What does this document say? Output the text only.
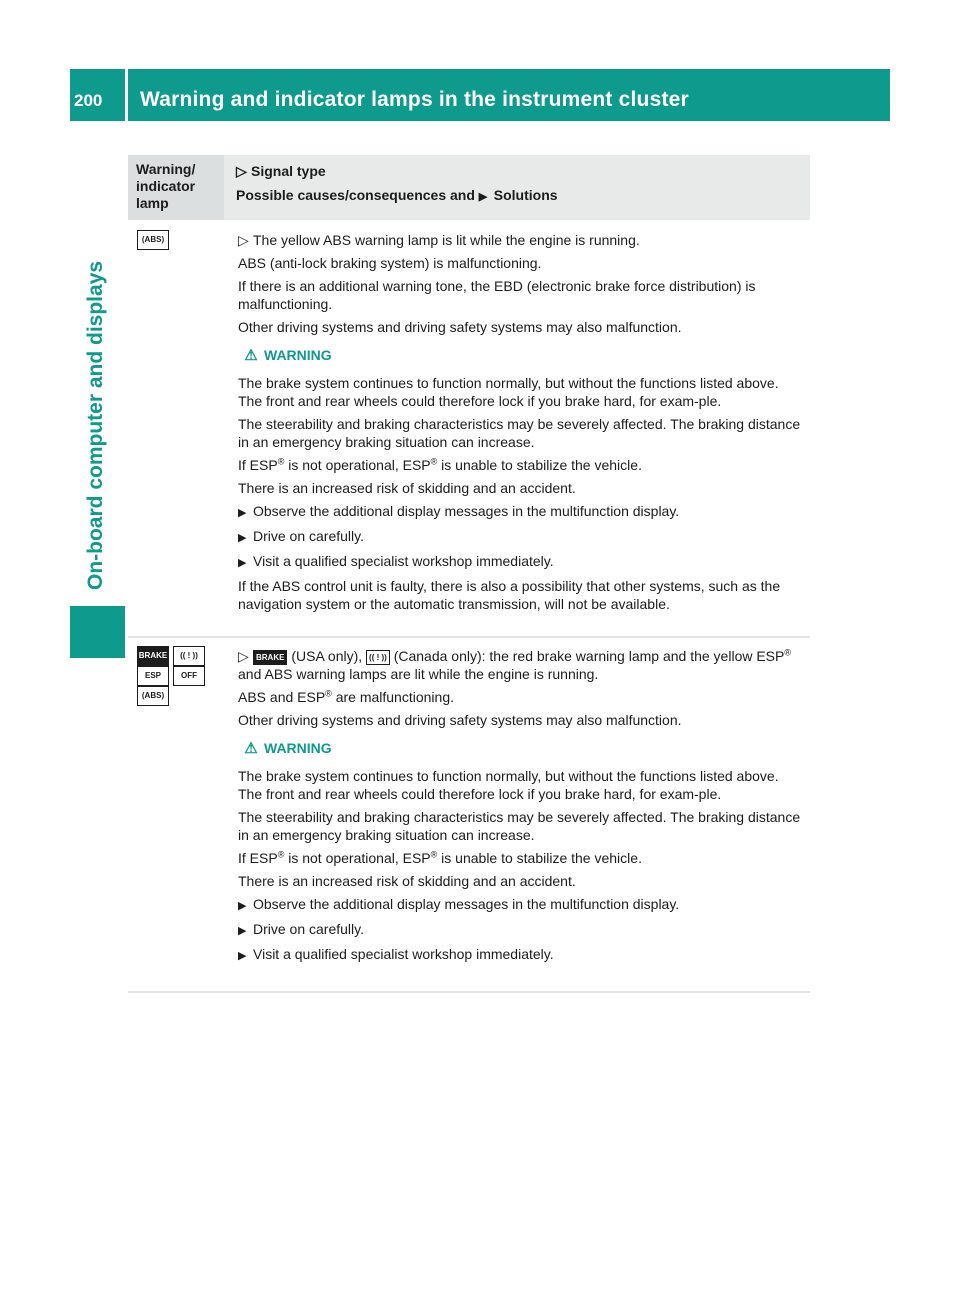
200 Warning and indicator lamps in the instrument cluster
On-board computer and displays
Warning/ indicator lamp
▷ Signal type
Possible causes/consequences and ▶ Solutions
(ABS)	▷ The yellow ABS warning lamp is lit while the engine is running.

ABS (anti-lock braking system) is malfunctioning.

If there is an additional warning tone, the EBD (electronic brake force distribution) is malfunctioning.

Other driving systems and driving safety systems may also malfunction.

⚠ WARNING

The brake system continues to function normally, but without the functions listed above. The front and rear wheels could therefore lock if you brake hard, for exam-ple.

The steerability and braking characteristics may be severely affected. The braking distance in an emergency braking situation can increase.

If ESP® is not operational, ESP® is unable to stabilize the vehicle.

There is an increased risk of skidding and an accident.

▶ Observe the additional display messages in the multifunction display.

▶ Drive on carefully.

▶ Visit a qualified specialist workshop immediately.

If the ABS control unit is faulty, there is also a possibility that other systems, such as the navigation system or the automatic transmission, will not be available.

BRAKE	(( ! ))
ESP	OFF
(ABS)

▷ BRAKE (USA only), (( ! )) (Canada only): the red brake warning lamp and the yellow ESP® and ABS warning lamps are lit while the engine is running.

ABS and ESP® are malfunctioning.

Other driving systems and driving safety systems may also malfunction.

⚠ WARNING

The brake system continues to function normally, but without the functions listed above. The front and rear wheels could therefore lock if you brake hard, for exam-ple.

The steerability and braking characteristics may be severely affected. The braking distance in an emergency braking situation can increase.

If ESP® is not operational, ESP® is unable to stabilize the vehicle.

There is an increased risk of skidding and an accident.

▶ Observe the additional display messages in the multifunction display.

▶ Drive on carefully.

▶ Visit a qualified specialist workshop immediately.
